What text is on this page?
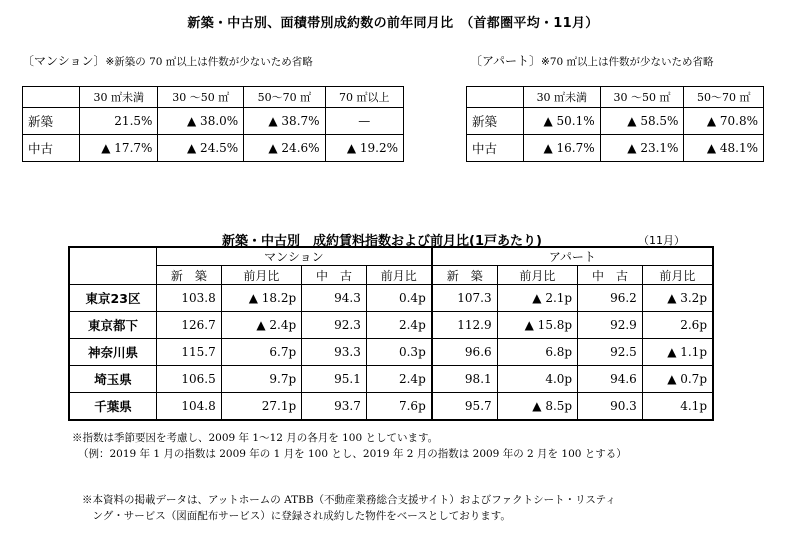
新築・中古別、面積帯別成約数の前年同月比　（首都圏平均・11月）
〔マンション〕※新築の 70 ㎡以上は件数が少ないため省略
	30 ㎡未満	30 ～50 ㎡	50～70 ㎡	70 ㎡以上
新築	21.5%	▲ 38.0%	▲ 38.7%	—
中古	▲ 17.7%	▲ 24.5%	▲ 24.6%	▲ 19.2%
〔アパート〕※70 ㎡以上は件数が少ないため省略
	30 ㎡未満	30 ～50 ㎡	50～70 ㎡
新築	▲ 50.1%	▲ 58.5%	▲ 70.8%
中古	▲ 16.7%	▲ 23.1%	▲ 48.1%
新築・中古別　成約賃料指数および前月比(1戸あたり)	（11月）
	マンション				アパート			
	新　築	前月比	中　古	前月比	新　築	前月比	中　古	前月比
東京23区	103.8	▲ 18.2p	94.3	0.4p	107.3	▲ 2.1p	96.2	▲ 3.2p
東京都下	126.7	▲ 2.4p	92.3	2.4p	112.9	▲ 15.8p	92.9	2.6p
神奈川県	115.7	6.7p	93.3	0.3p	96.6	6.8p	92.5	▲ 1.1p
埼玉県	106.5	9.7p	95.1	2.4p	98.1	4.0p	94.6	▲ 0.7p
千葉県	104.8	27.1p	93.7	7.6p	95.7	▲ 8.5p	90.3	4.1p
※指数は季節要因を考慮し、2009 年 1～12 月の各月を 100 としています。
（例：2019 年 1 月の指数は 2009 年の 1 月を 100 とし、2019 年 2 月の指数は 2009 年の 2 月を 100 とする）
※本資料の掲載データは、アットホームの ATBB（不動産業務総合支援サイト）およびファクトシート・リスティ
　ング・サービス（図面配布サービス）に登録され成約した物件をベースとしております。
